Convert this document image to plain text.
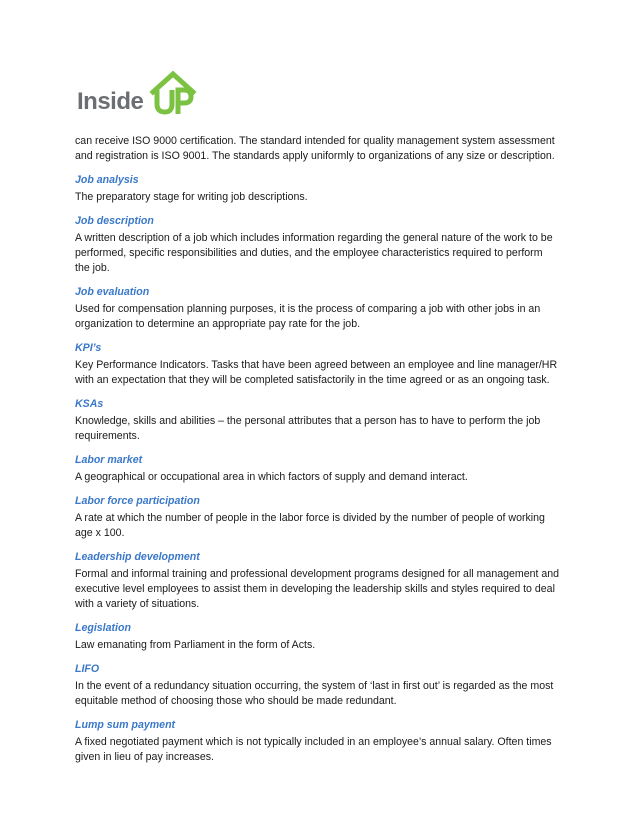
Inside

can receive ISO 9000 certification. The standard intended for quality management system assessment and registration is ISO 9001. The standards apply uniformly to organizations of any size or description.

Job analysis

The preparatory stage for writing job descriptions.

Job description

A written description of a job which includes information regarding the general nature of the work to be performed, specific responsibilities and duties, and the employee characteristics required to perform the job.

Job evaluation

Used for compensation planning purposes, it is the process of comparing a job with other jobs in an organization to determine an appropriate pay rate for the job.

KPI’s

Key Performance Indicators. Tasks that have been agreed between an employee and line manager/HR with an expectation that they will be completed satisfactorily in the time agreed or as an ongoing task.

KSAs

Knowledge, skills and abilities – the personal attributes that a person has to have to perform the job requirements.

Labor market

A geographical or occupational area in which factors of supply and demand interact.

Labor force participation

A rate at which the number of people in the labor force is divided by the number of people of working age x 100.

Leadership development

Formal and informal training and professional development programs designed for all management and executive level employees to assist them in developing the leadership skills and styles required to deal with a variety of situations.

Legislation

Law emanating from Parliament in the form of Acts.

LIFO

In the event of a redundancy situation occurring, the system of ‘last in first out’ is regarded as the most equitable method of choosing those who should be made redundant.

Lump sum payment

A fixed negotiated payment which is not typically included in an employee’s annual salary. Often times given in lieu of pay increases.
